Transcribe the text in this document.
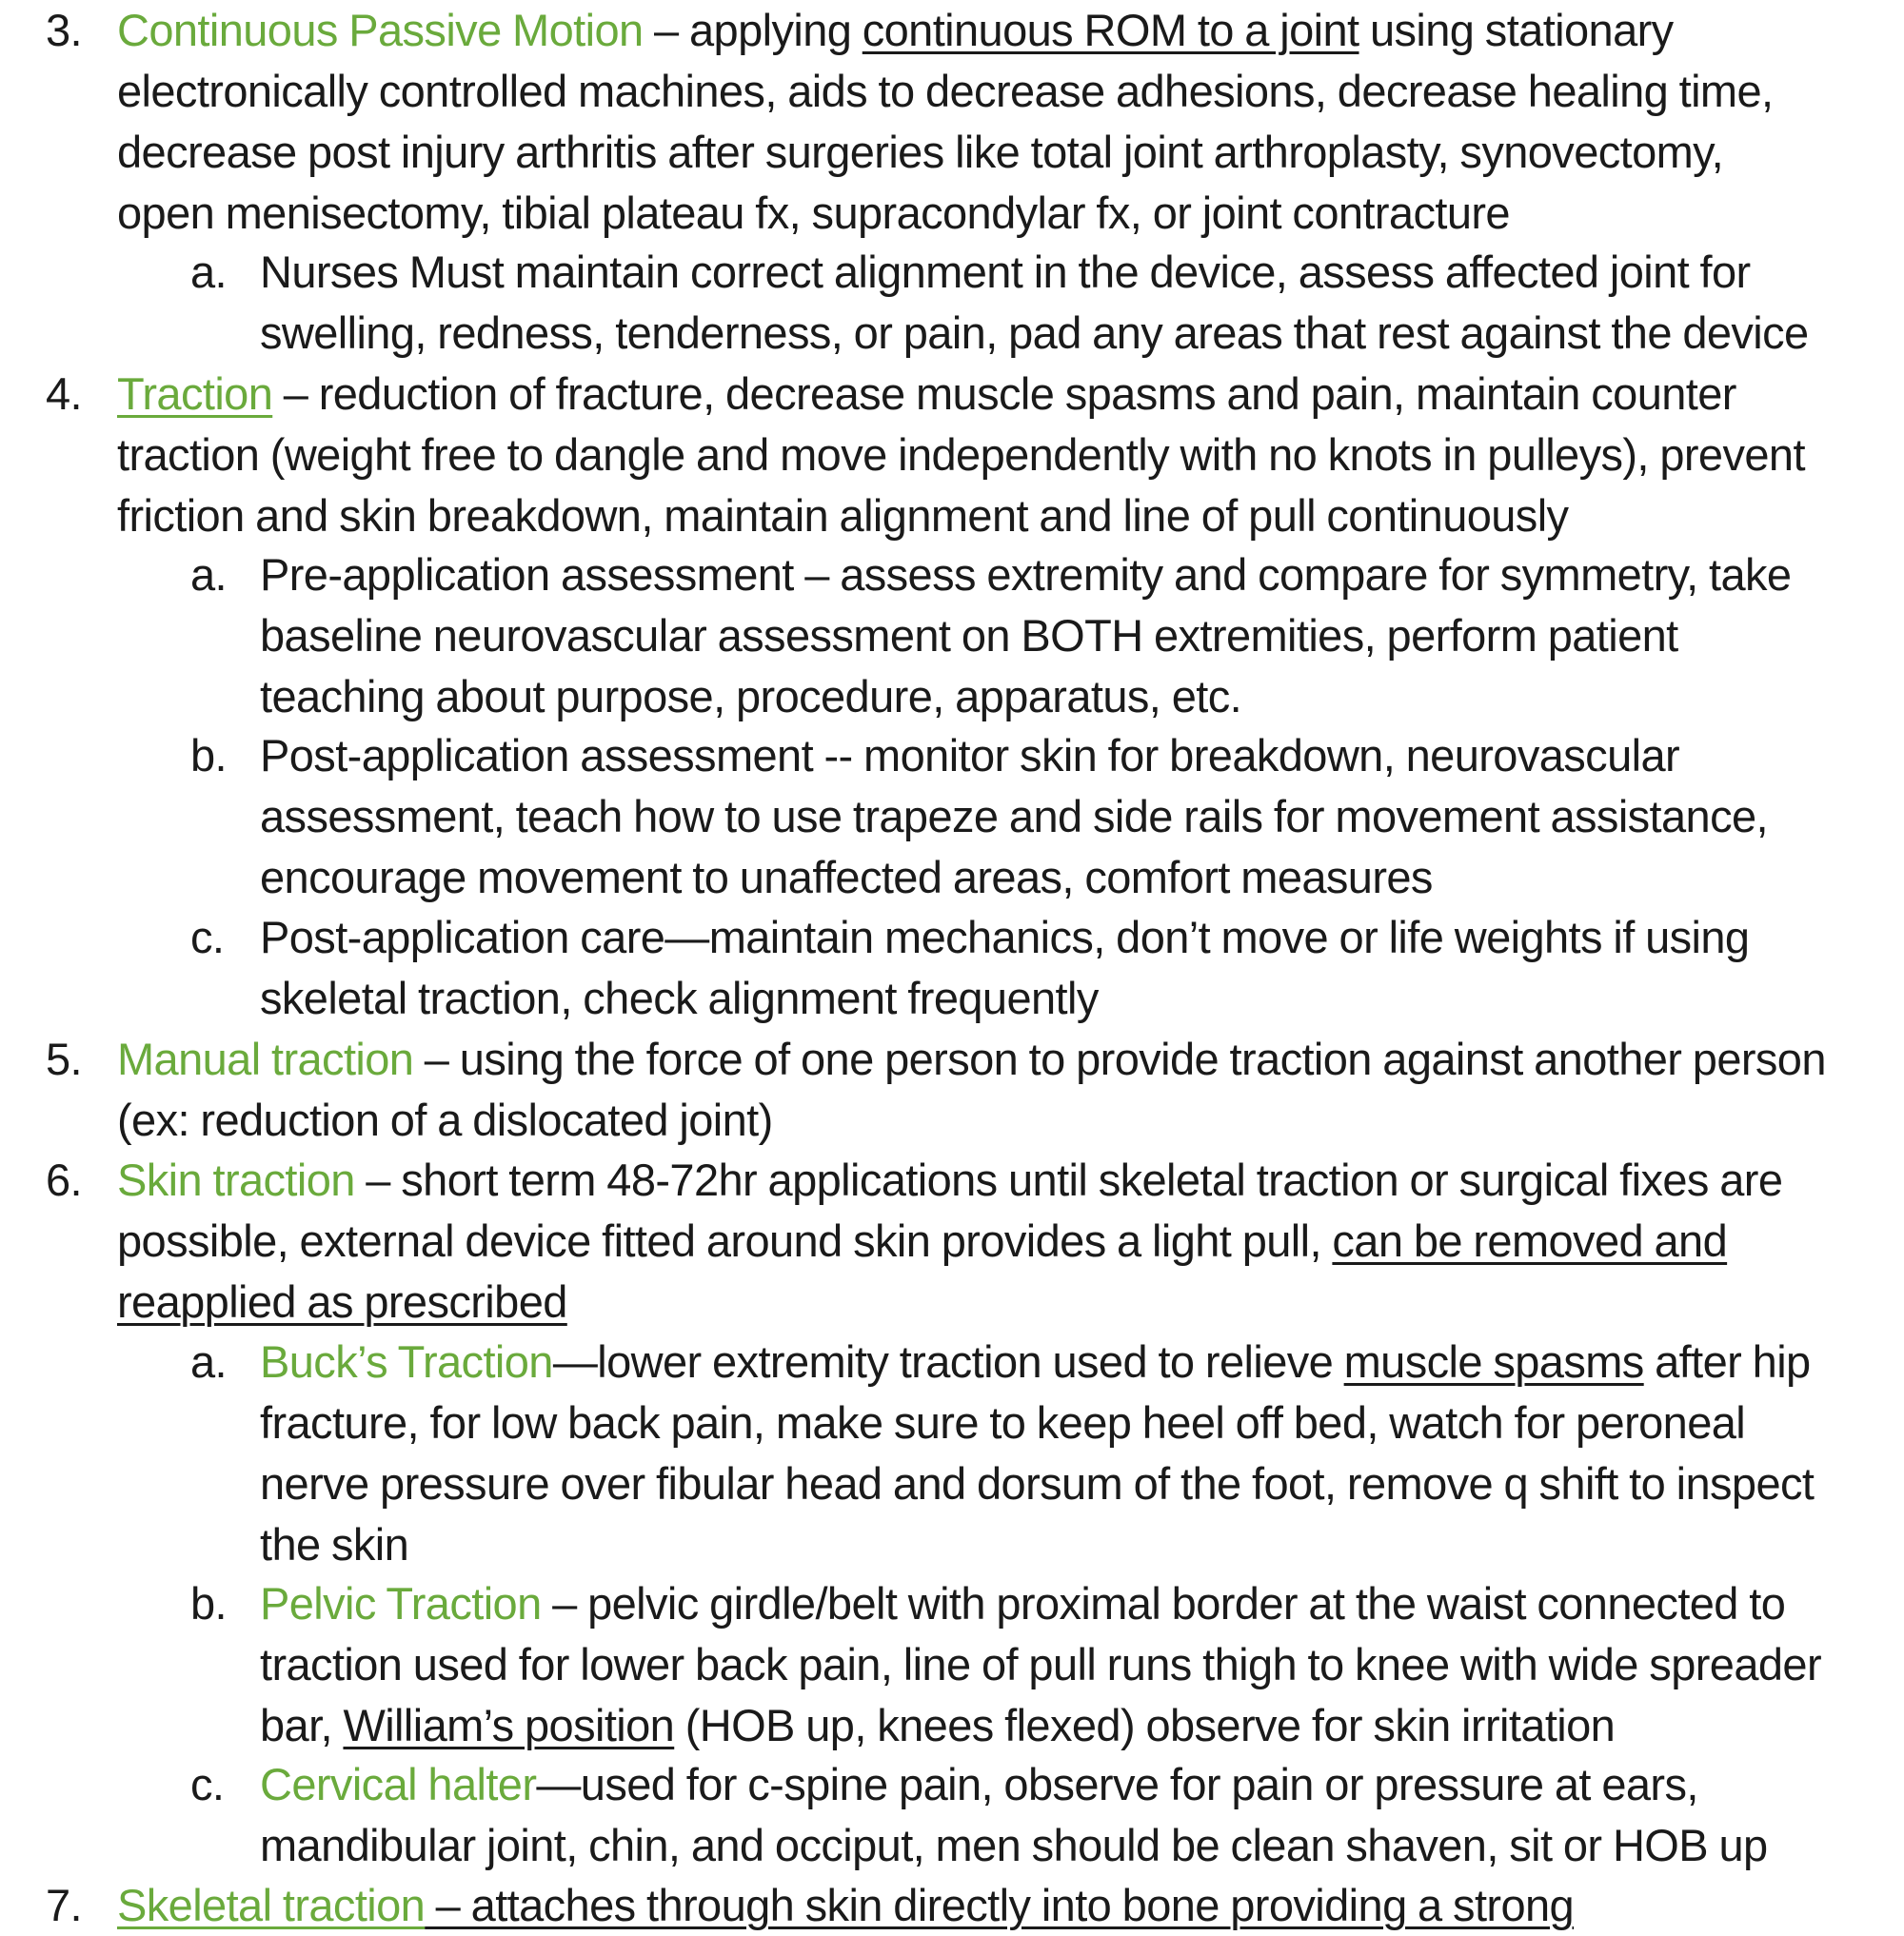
3. Continuous Passive Motion – applying continuous ROM to a joint using stationary electronically controlled machines, aids to decrease adhesions, decrease healing time, decrease post injury arthritis after surgeries like total joint arthroplasty, synovectomy, open menisectomy, tibial plateau fx, supracondylar fx, or joint contracture
a. Nurses Must maintain correct alignment in the device, assess affected joint for swelling, redness, tenderness, or pain, pad any areas that rest against the device
4. Traction – reduction of fracture, decrease muscle spasms and pain, maintain counter traction (weight free to dangle and move independently with no knots in pulleys), prevent friction and skin breakdown, maintain alignment and line of pull continuously
a. Pre-application assessment – assess extremity and compare for symmetry, take baseline neurovascular assessment on BOTH extremities, perform patient teaching about purpose, procedure, apparatus, etc.
b. Post-application assessment -- monitor skin for breakdown, neurovascular assessment, teach how to use trapeze and side rails for movement assistance, encourage movement to unaffected areas, comfort measures
c. Post-application care—maintain mechanics, don’t move or life weights if using skeletal traction, check alignment frequently
5. Manual traction – using the force of one person to provide traction against another person (ex: reduction of a dislocated joint)
6. Skin traction – short term 48-72hr applications until skeletal traction or surgical fixes are possible, external device fitted around skin provides a light pull, can be removed and reapplied as prescribed
a. Buck’s Traction—lower extremity traction used to relieve muscle spasms after hip fracture, for low back pain, make sure to keep heel off bed, watch for peroneal nerve pressure over fibular head and dorsum of the foot, remove q shift to inspect the skin
b. Pelvic Traction – pelvic girdle/belt with proximal border at the waist connected to traction used for lower back pain, line of pull runs thigh to knee with wide spreader bar, William’s position (HOB up, knees flexed) observe for skin irritation
c. Cervical halter—used for c-spine pain, observe for pain or pressure at ears, mandibular joint, chin, and occiput, men should be clean shaven, sit or HOB up
7. Skeletal traction – attaches through skin directly into bone providing a strong
